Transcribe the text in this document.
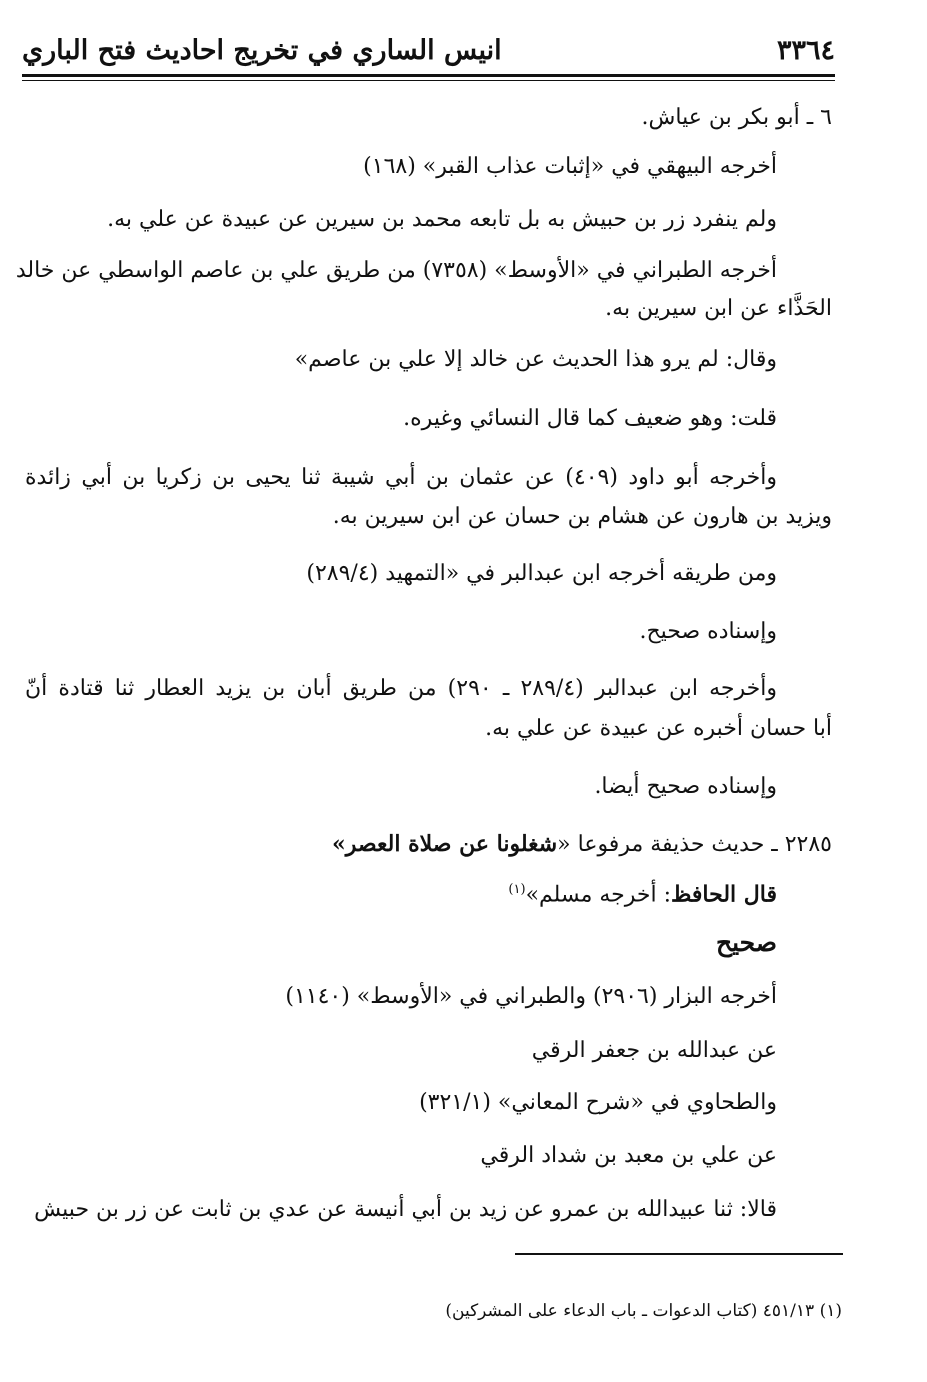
انيس الساري في تخريج احاديث فتح الباري	٣٣٦٤
٦ ـ أبو بكر بن عياش.
أخرجه البيهقي في «إثبات عذاب القبر» (١٦٨)
ولم ينفرد زر بن حبيش به بل تابعه محمد بن سيرين عن عبيدة عن علي به.
أخرجه الطبراني في «الأوسط» (٧٣٥٨) من طريق علي بن عاصم الواسطي عن خالد
الحَذَّاء عن ابن سيرين به.
وقال: لم يرو هذا الحديث عن خالد إلا علي بن عاصم»
قلت: وهو ضعيف كما قال النسائي وغيره.
وأخرجه أبو داود (٤٠٩) عن عثمان بن أبي شيبة ثنا يحيى بن زكريا بن أبي زائدة
ويزيد بن هارون عن هشام بن حسان عن ابن سيرين به.
ومن طريقه أخرجه ابن عبدالبر في «التمهيد (٢٨٩/٤)
وإسناده صحيح.
وأخرجه ابن عبدالبر (٢٨٩/٤ ـ ٢٩٠) من طريق أبان بن يزيد العطار ثنا قتادة أنّ
أبا حسان أخبره عن عبيدة عن علي به.
وإسناده صحيح أيضا.
٢٢٨٥ ـ حديث حذيفة مرفوعا «شغلونا عن صلاة العصر»
قال الحافظ: أخرجه مسلم»$^{(١)}$
صحيح
أخرجه البزار (٢٩٠٦) والطبراني في «الأوسط» (١١٤٠)
عن عبدالله بن جعفر الرقي
والطحاوي في «شرح المعاني» (٣٢١/١)
عن علي بن معبد بن شداد الرقي
قالا: ثنا عبيدالله بن عمرو عن زيد بن أبي أنيسة عن عدي بن ثابت عن زر بن حبيش
(١) ٤٥١/١٣ (كتاب الدعوات ـ باب الدعاء على المشركين)
